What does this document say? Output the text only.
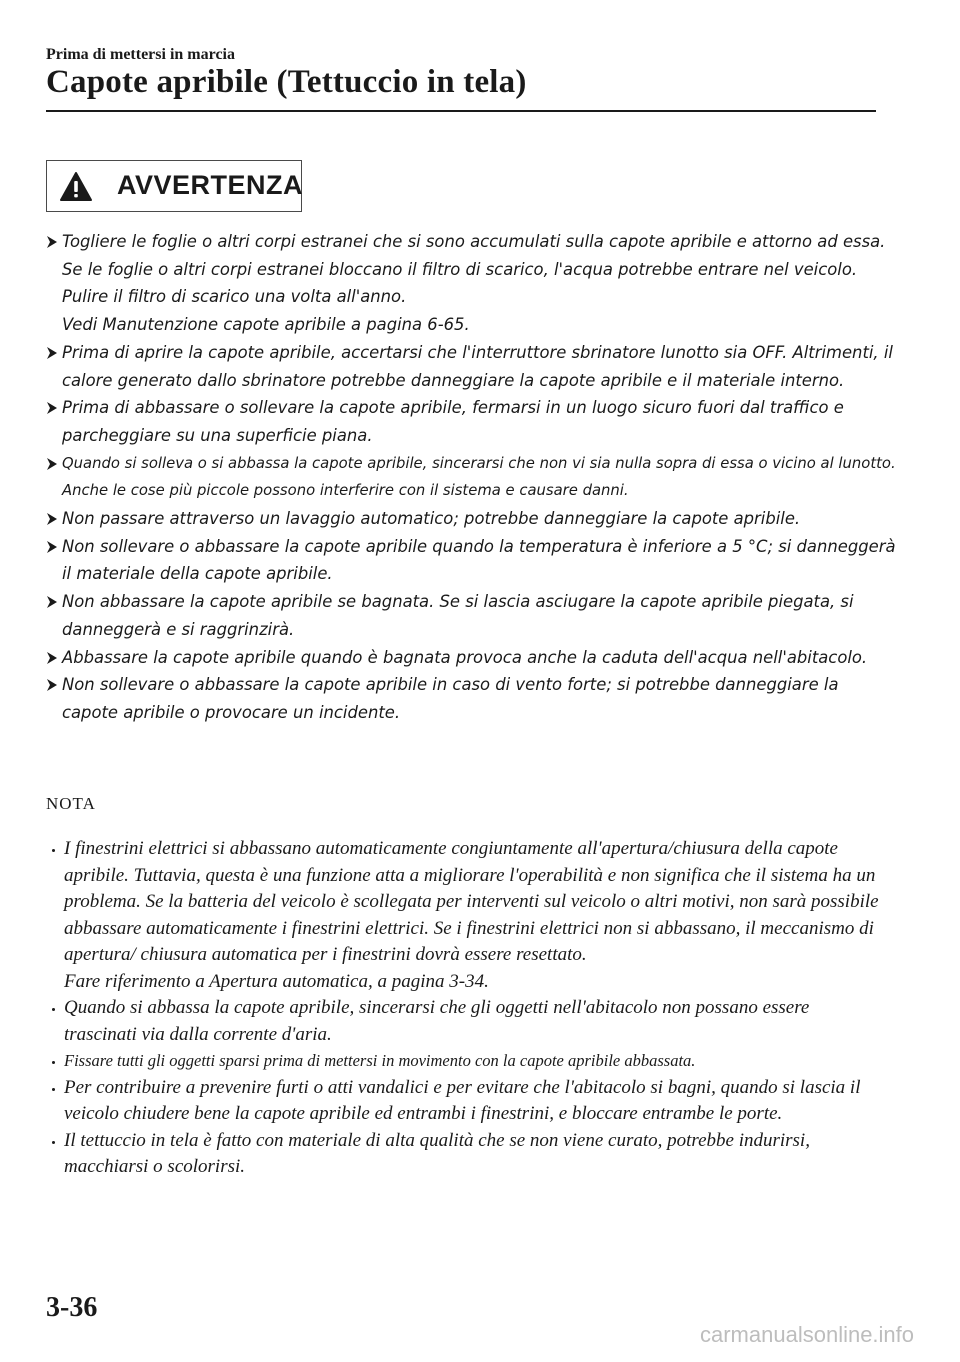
Prima di mettersi in marcia
Capote apribile (Tettuccio in tela)
AVVERTENZA
Togliere le foglie o altri corpi estranei che si sono accumulati sulla capote apribile e attorno ad essa. Se le foglie o altri corpi estranei bloccano il filtro di scarico, l'acqua potrebbe entrare nel veicolo. Pulire il filtro di scarico una volta all'anno.
Vedi Manutenzione capote apribile a pagina 6-65.
Prima di aprire la capote apribile, accertarsi che l'interruttore sbrinatore lunotto sia OFF. Altrimenti, il calore generato dallo sbrinatore potrebbe danneggiare la capote apribile e il materiale interno.
Prima di abbassare o sollevare la capote apribile, fermarsi in un luogo sicuro fuori dal traffico e parcheggiare su una superficie piana.
Quando si solleva o si abbassa la capote apribile, sincerarsi che non vi sia nulla sopra di essa o vicino al lunotto. Anche le cose più piccole possono interferire con il sistema e causare danni.
Non passare attraverso un lavaggio automatico; potrebbe danneggiare la capote apribile.
Non sollevare o abbassare la capote apribile quando la temperatura è inferiore a 5 °C; si danneggerà il materiale della capote apribile.
Non abbassare la capote apribile se bagnata. Se si lascia asciugare la capote apribile piegata, si danneggerà e si raggrinzirà.
Abbassare la capote apribile quando è bagnata provoca anche la caduta dell'acqua nell'abitacolo.
Non sollevare o abbassare la capote apribile in caso di vento forte; si potrebbe danneggiare la capote apribile o provocare un incidente.
NOTA
I finestrini elettrici si abbassano automaticamente congiuntamente all'apertura/chiusura della capote apribile. Tuttavia, questa è una funzione atta a migliorare l'operabilità e non significa che il sistema ha un problema. Se la batteria del veicolo è scollegata per interventi sul veicolo o altri motivi, non sarà possibile abbassare automaticamente i finestrini elettrici. Se i finestrini elettrici non si abbassano, il meccanismo di apertura/ chiusura automatica per i finestrini dovrà essere resettato.
Fare riferimento a Apertura automatica, a pagina 3-34.
Quando si abbassa la capote apribile, sincerarsi che gli oggetti nell'abitacolo non possano essere trascinati via dalla corrente d'aria.
Fissare tutti gli oggetti sparsi prima di mettersi in movimento con la capote apribile abbassata.
Per contribuire a prevenire furti o atti vandalici e per evitare che l'abitacolo si bagni, quando si lascia il veicolo chiudere bene la capote apribile ed entrambi i finestrini, e bloccare entrambe le porte.
Il tettuccio in tela è fatto con materiale di alta qualità che se non viene curato, potrebbe indurirsi, macchiarsi o scolorirsi.
3-36
carmanualsonline.info
